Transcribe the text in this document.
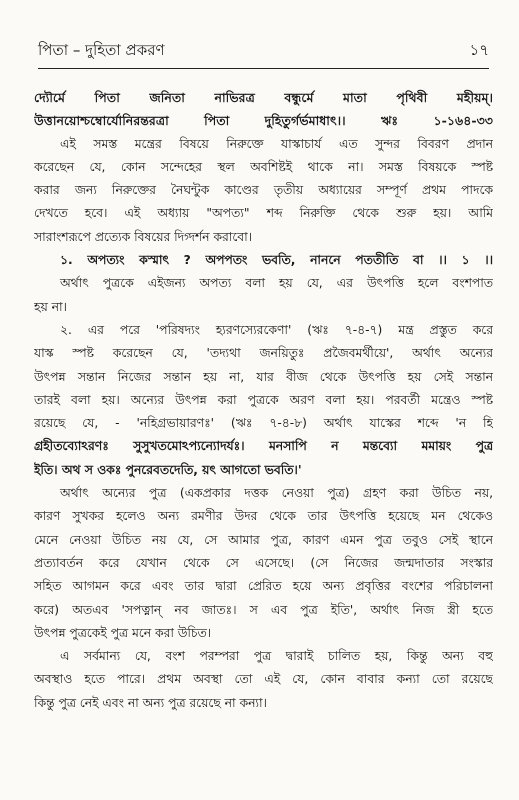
পিতা – দুহিতা প্রকরণ	১৭
দ্যৌর্মে পিতা জনিতা নাভিরত্র বন্ধুর্মে মাতা পৃথিবী মহীয়ম্।
উত্তানয়োশ্চম্বোর্যোনিরন্তরত্রা পিতা দুহিতুর্গর্ভমাধাৎ।। ঋঃ ১-১৬৪-৩৩
এই সমস্ত মন্ত্রের বিষয়ে নিরুক্তে যাস্কাচার্য এত সুন্দর বিবরণ প্রদান
করেছেন যে, কোন সন্দেহের স্থল অবশিষ্টই থাকে না। সমস্ত বিষয়কে স্পষ্ট
করার জন্য নিরুক্তের নৈঘন্টুক কাণ্ডের তৃতীয় অধ্যায়ের সম্পূর্ণ প্রথম পাদকে
দেখতে হবে। এই অধ্যায় "অপত্য" শব্দ নিরুক্তি থেকে শুরু হয়। আমি
সারাংশরূপে প্রত্যেক বিষয়ের দিগ্দর্শন করাবো।
১. অপত্যং কস্মাৎ ? অপপতং ভবতি, নাননে পততীতি বা ।। ১ ।।
অর্থাৎ পুত্রকে এইজন্য অপত্য বলা হয় যে, এর উৎপত্তি হলে বংশপাত
হয় না।
২. এর পরে 'পরিষদ্যং হ্যরণস্যেরকেণা' (ঋঃ ৭-৪-৭) মন্ত্র প্রস্তুত করে
যাস্ক স্পষ্ট করেছেন যে, 'তদ্যথা জনয়িতুঃ প্রজৈবমর্থীয়ে', অর্থাৎ অন্যের
উৎপন্ন সন্তান নিজের সন্তান হয় না, যার বীজ থেকে উৎপত্তি হয় সেই সন্তান
তারই বলা হয়। অন্যের উৎপন্ন করা পুত্রকে অরণ বলা হয়। পরবর্তী মন্ত্রেও স্পষ্ট
রয়েছে যে, - 'নহিগ্রভায়ারণঃ' (ঋঃ ৭-৪-৮) অর্থাৎ যাস্কের শব্দে 'ন হি
গ্রহীতব্যোঽরণঃ সুসুখতমোঽপ্যন্যোদর্যঃ। মনসাপি ন মন্তব্যো মমায়ং পুত্র
ইতি। অথ স ওকঃ পুনরেবতদেতি, য়ৎ আগতো ভবতি।'
অর্থাৎ অন্যের পুত্র (একপ্রকার দত্তক নেওয়া পুত্র) গ্রহণ করা উচিত নয়,
কারণ সুখকর হলেও অন্য রমণীর উদর থেকে তার উৎপত্তি হয়েছে মন থেকেও
মেনে নেওয়া উচিত নয় যে, সে আমার পুত্র, কারণ এমন পুত্র তবুও সেই স্থানে
প্রত্যাবর্তন করে যেখান থেকে সে এসেছে। (সে নিজের জন্মদাতার সংস্কার
সহিত আগমন করে এবং তার দ্বারা প্রেরিত হয়ে অন্য প্রবৃত্তির বংশের পরিচালনা
করে) অতএব 'সপত্নান্ নব জাতঃ। স এব পুত্র ইতি', অর্থাৎ নিজ স্ত্রী হতে
উৎপন্ন পুত্রকেই পুত্র মনে করা উচিত।
এ সর্বমান্য যে, বংশ পরম্পরা পুত্র দ্বারাই চালিত হয়, কিন্তু অন্য বহু
অবস্থাও হতে পারে। প্রথম অবস্থা তো এই যে, কোন বাবার কন্যা তো রয়েছে
কিন্তু পুত্র নেই এবং না অন্য পুত্র রয়েছে না কন্যা।
